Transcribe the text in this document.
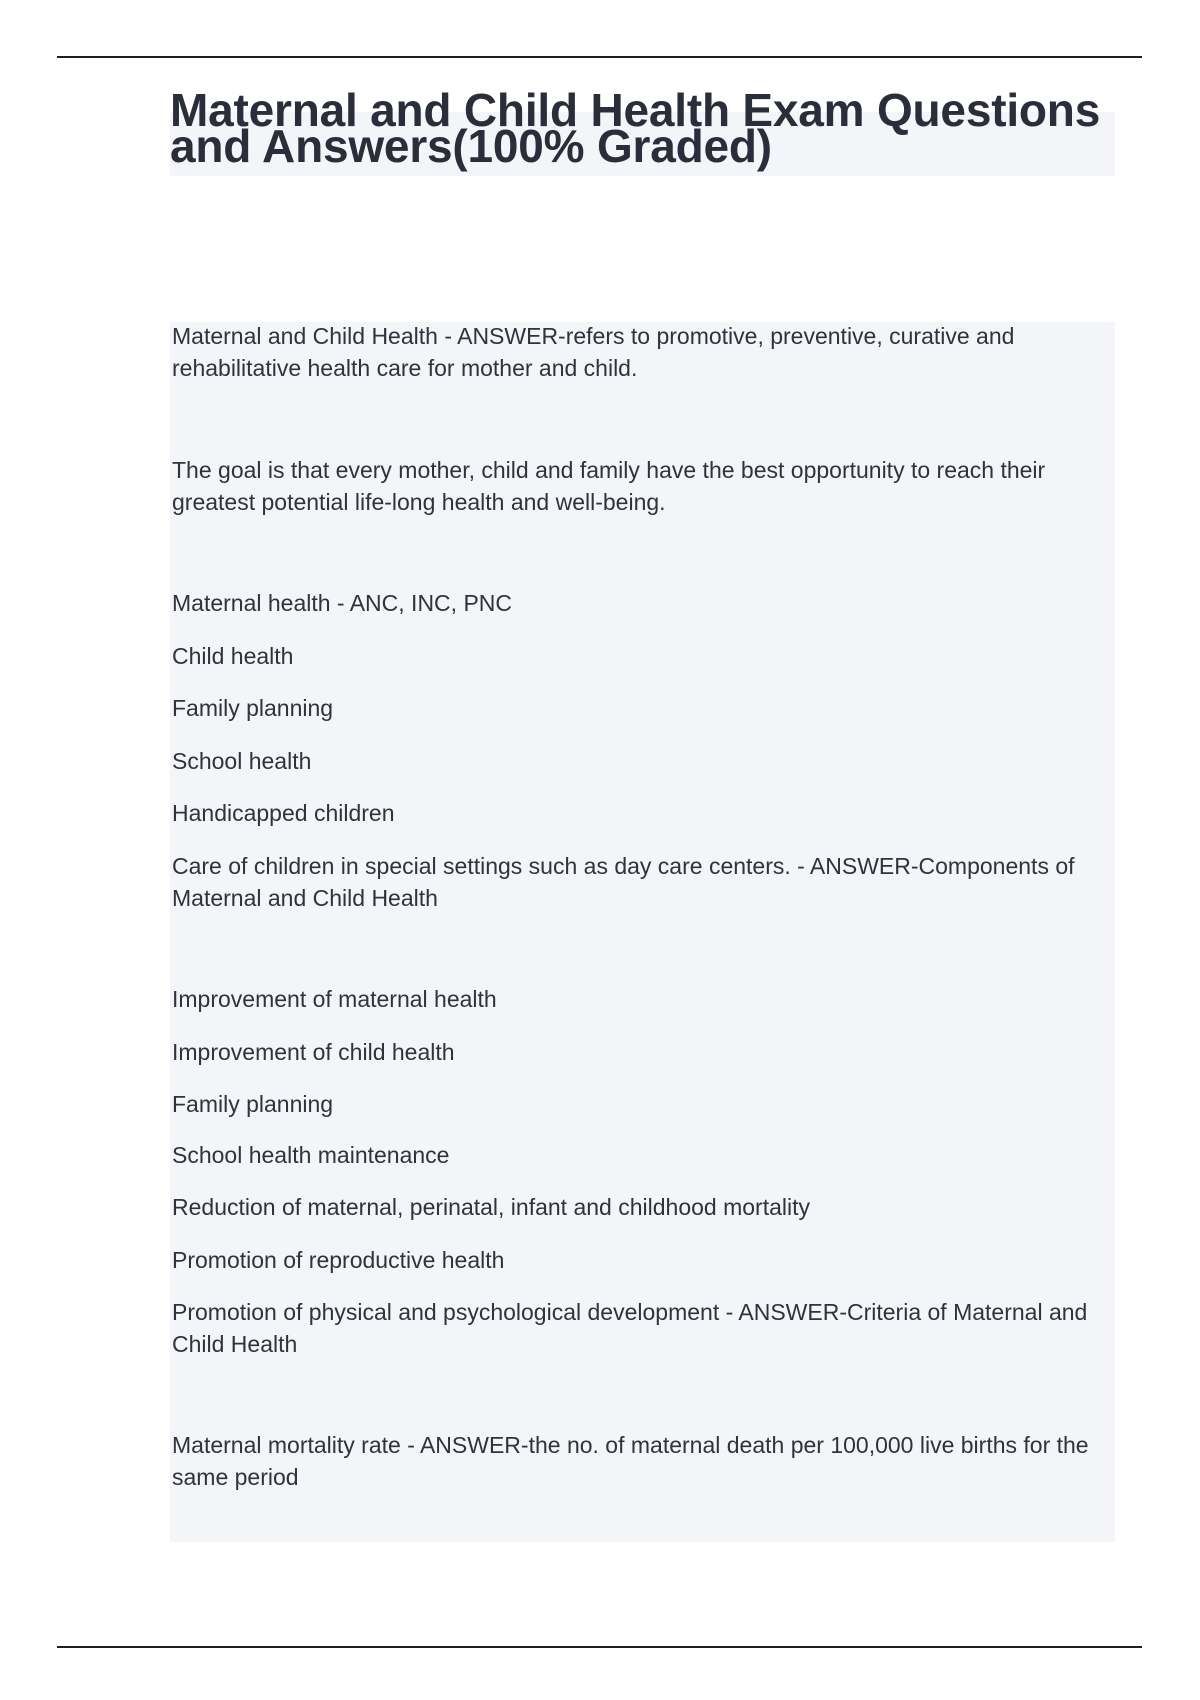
Maternal and Child Health Exam Questions and Answers(100% Graded)

Maternal and Child Health - ANSWER-refers to promotive, preventive, curative and rehabilitative health care for mother and child.

The goal is that every mother, child and family have the best opportunity to reach their greatest potential life-long health and well-being.

Maternal health - ANC, INC, PNC

Child health

Family planning

School health

Handicapped children

Care of children in special settings such as day care centers. - ANSWER-Components of Maternal and Child Health

Improvement of maternal health

Improvement of child health

Family planning

School health maintenance

Reduction of maternal, perinatal, infant and childhood mortality

Promotion of reproductive health

Promotion of physical and psychological development - ANSWER-Criteria of Maternal and Child Health

Maternal mortality rate - ANSWER-the no. of maternal death per 100,000 live births for the same period
